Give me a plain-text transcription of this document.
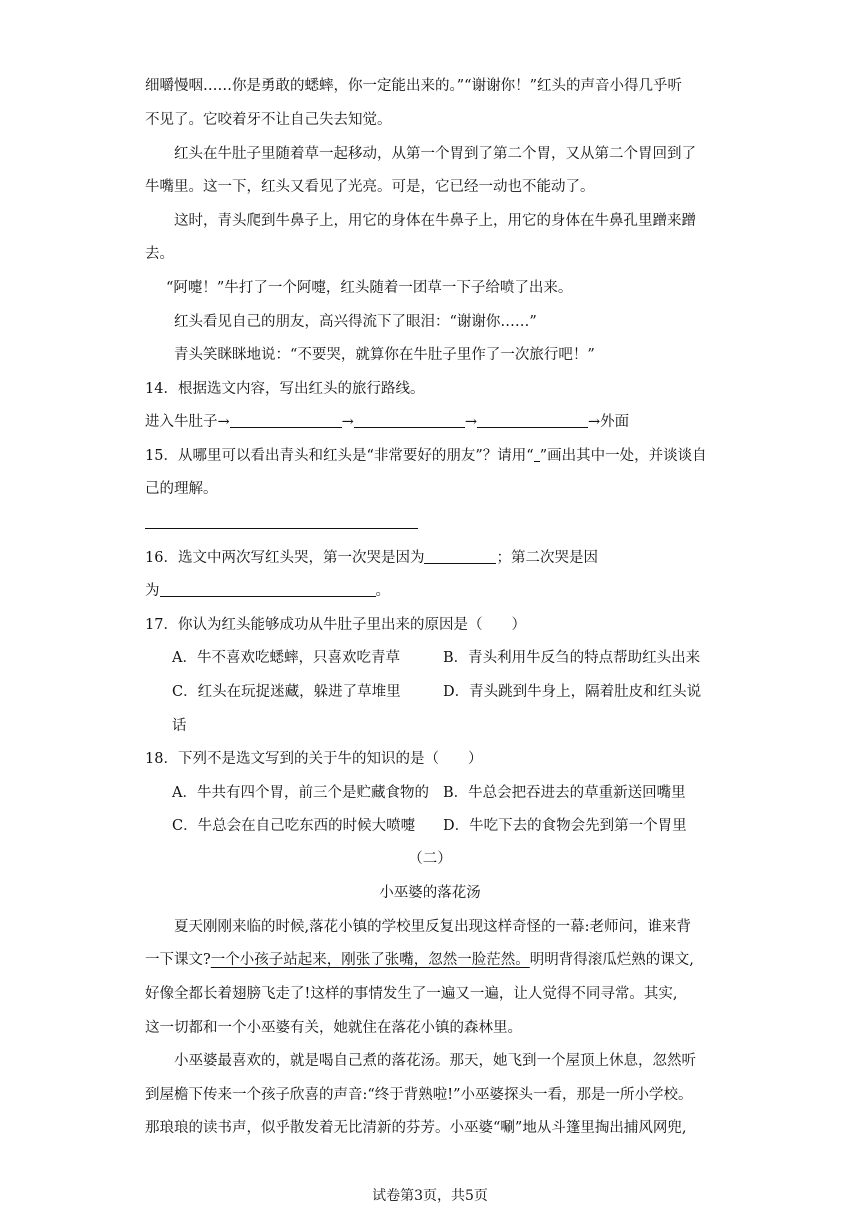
细嚼慢咽……你是勇敢的蟋蟀，你一定能出来的。”“谢谢你！”红头的声音小得几乎听
不见了。它咬着牙不让自己失去知觉。
红头在牛肚子里随着草一起移动，从第一个胃到了第二个胃，又从第二个胃回到了
牛嘴里。这一下，红头又看见了光亮。可是，它已经一动也不能动了。
这时，青头爬到牛鼻子上，用它的身体在牛鼻子上，用它的身体在牛鼻孔里蹭来蹭
去。
“阿嚏！”牛打了一个阿嚏，红头随着一团草一下子给喷了出来。
红头看见自己的朋友，高兴得流下了眼泪：“谢谢你……”
青头笑眯眯地说：“不要哭，就算你在牛肚子里作了一次旅行吧！”
14．根据选文内容，写出红头的旅行路线。
进入牛肚子→	→	→	→外面
15．从哪里可以看出青头和红头是“非常要好的朋友”？请用“ ”画出其中一处，并谈谈自
己的理解。
16．选文中两次写红头哭，第一次哭是因为	；第二次哭是因
为	。
17．你认为红头能够成功从牛肚子里出来的原因是（　　）
A．牛不喜欢吃蟋蟀，只喜欢吃青草	B．青头利用牛反刍的特点帮助红头出来
C．红头在玩捉迷藏，躲进了草堆里	D．青头跳到牛身上，隔着肚皮和红头说
话
18．下列不是选文写到的关于牛的知识的是（　　）
A．牛共有四个胃，前三个是贮藏食物的 B．牛总会把吞进去的草重新送回嘴里
C．牛总会在自己吃东西的时候大喷嚏 D．牛吃下去的食物会先到第一个胃里
（二）
小巫婆的落花汤
夏天刚刚来临的时候,落花小镇的学校里反复出现这样奇怪的一幕:老师问，谁来背
一下课文?一个小孩子站起来，刚张了张嘴，忽然一脸茫然。明明背得滚瓜烂熟的课文,
好像全都长着翅膀飞走了!这样的事情发生了一遍又一遍，让人觉得不同寻常。其实,
这一切都和一个小巫婆有关，她就住在落花小镇的森林里。
小巫婆最喜欢的，就是喝自己煮的落花汤。那天，她飞到一个屋顶上休息，忽然听
到屋檐下传来一个孩子欣喜的声音:“终于背熟啦!”小巫婆探头一看，那是一所小学校。
那琅琅的读书声，似乎散发着无比清新的芬芳。小巫婆“唰”地从斗篷里掏出捕风网兜,
试卷第3页，共5页
